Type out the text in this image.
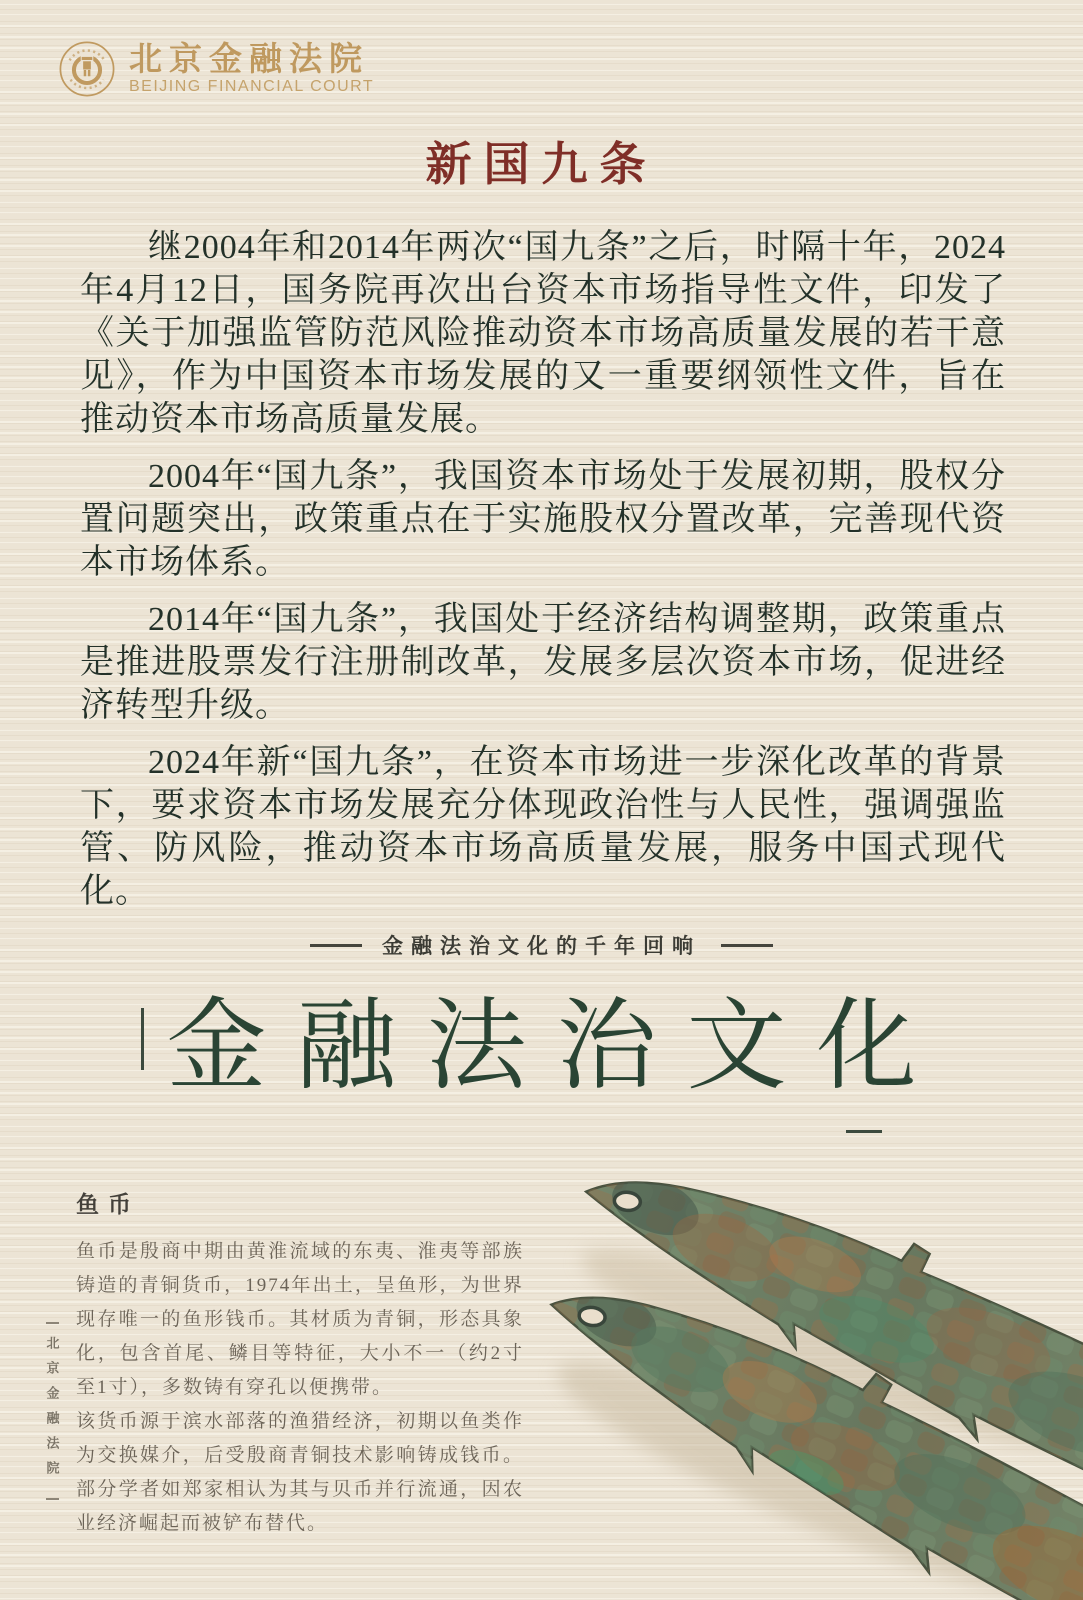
北京金融法院
BEIJING FINANCIAL COURT
新国九条

继2004年和2014年两次“国九条”之后，时隔十年，2024年4月12日，国务院再次出台资本市场指导性文件，印发了《关于加强监管防范风险推动资本市场高质量发展的若干意见》，作为中国资本市场发展的又一重要纲领性文件，旨在推动资本市场高质量发展。

2004年“国九条”，我国资本市场处于发展初期，股权分置问题突出，政策重点在于实施股权分置改革，完善现代资本市场体系。

2014年“国九条”，我国处于经济结构调整期，政策重点是推进股票发行注册制改革，发展多层次资本市场，促进经济转型升级。

2024年新“国九条”，在资本市场进一步深化改革的背景下，要求资本市场发展充分体现政治性与人民性，强调强监管、防风险，推动资本市场高质量发展，服务中国式现代化。

金融法治文化的千年回响
金 融 法 治 文 化
鱼币

鱼币是殷商中期由黄淮流域的东夷、淮夷等部族铸造的青铜货币，1974年出土，呈鱼形，为世界现存唯一的鱼形钱币。其材质为青铜，形态具象化，包含首尾、鳞目等特征，大小不一（约2寸至1寸），多数铸有穿孔以便携带。

该货币源于滨水部落的渔猎经济，初期以鱼类作为交换媒介，后受殷商青铜技术影响铸成钱币。部分学者如郑家相认为其与贝币并行流通，因农业经济崛起而被铲布替代。

北京金融法院
